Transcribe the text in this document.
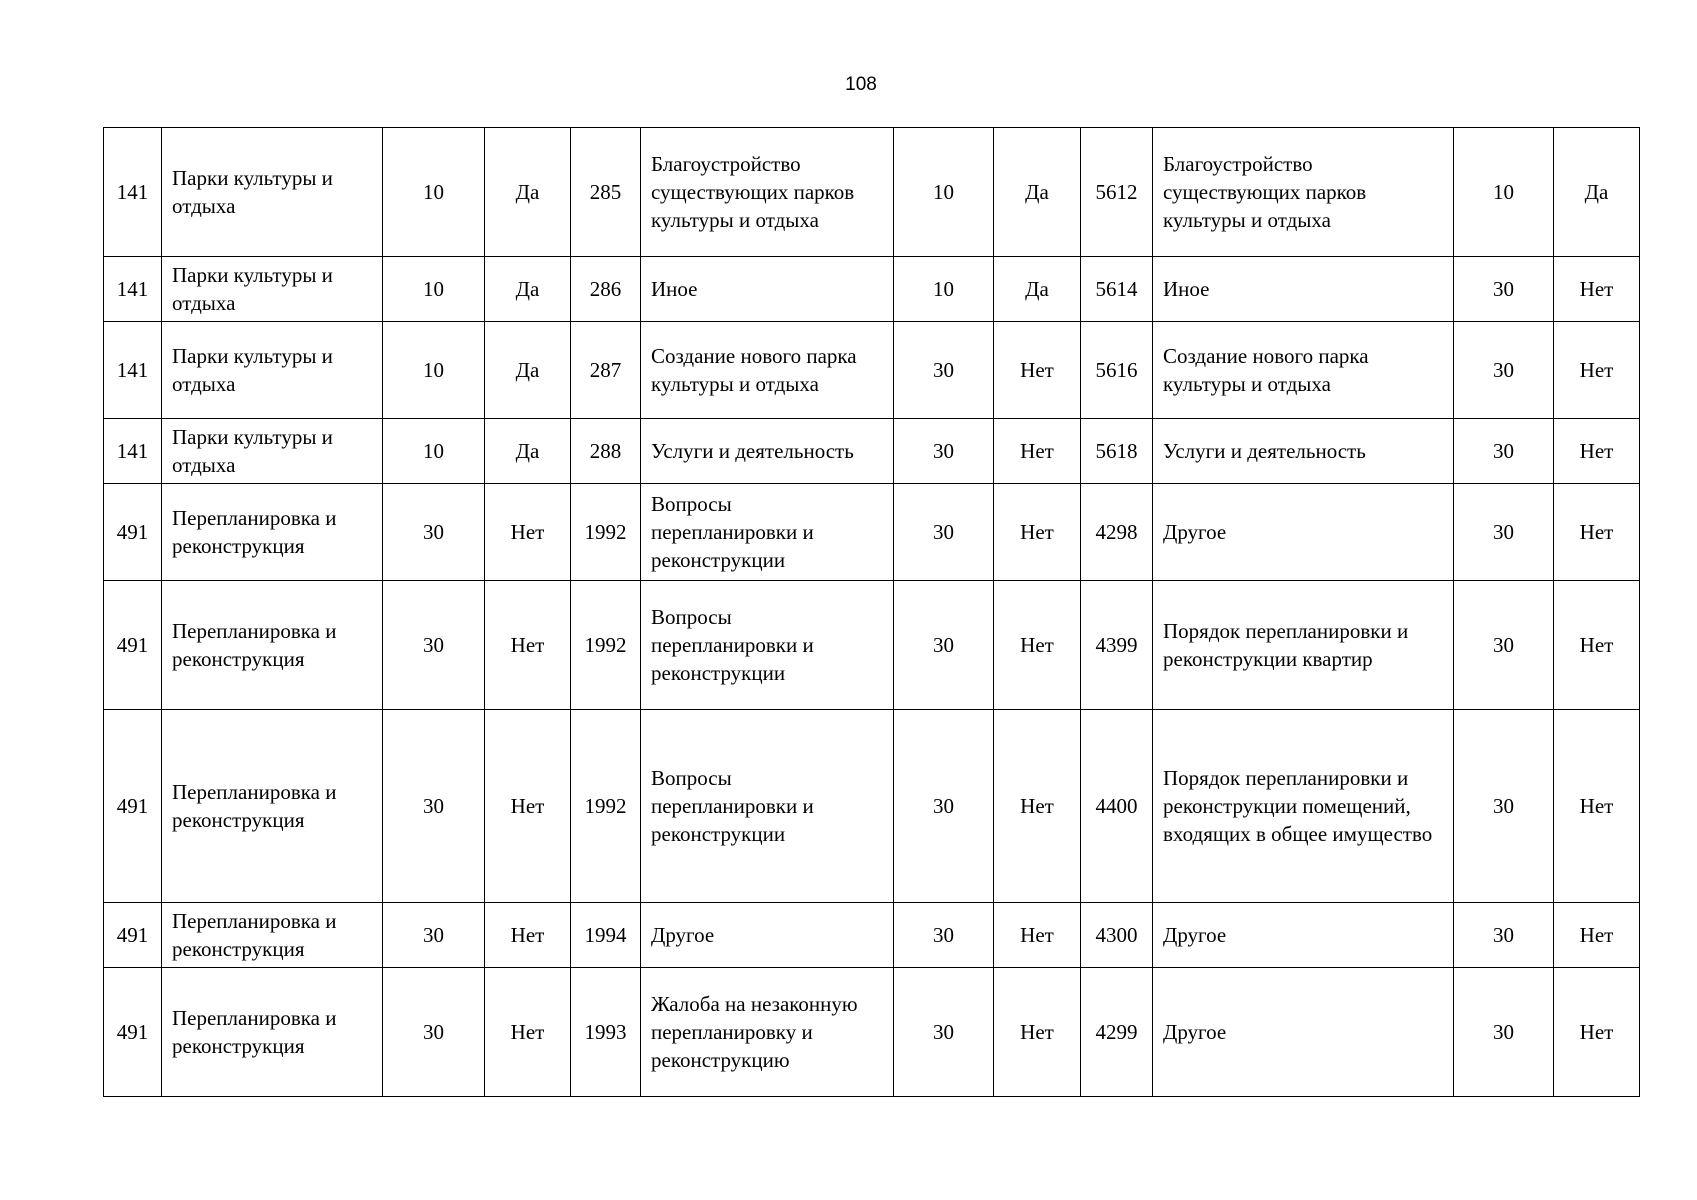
108
141	Парки культуры и отдыха	10	Да	285	Благоустройство существующих парков культуры и отдыха	10	Да	5612	Благоустройство существующих парков культуры и отдыха	10	Да
141	Парки культуры и отдыха	10	Да	286	Иное	10	Да	5614	Иное	30	Нет
141	Парки культуры и отдыха	10	Да	287	Создание нового парка культуры и отдыха	30	Нет	5616	Создание нового парка культуры и отдыха	30	Нет
141	Парки культуры и отдыха	10	Да	288	Услуги и деятельность	30	Нет	5618	Услуги и деятельность	30	Нет
491	Перепланировка и реконструкция	30	Нет	1992	Вопросы перепланировки и реконструкции	30	Нет	4298	Другое	30	Нет
491	Перепланировка и реконструкция	30	Нет	1992	Вопросы перепланировки и реконструкции	30	Нет	4399	Порядок перепланировки и реконструкции квартир	30	Нет
491	Перепланировка и реконструкция	30	Нет	1992	Вопросы перепланировки и реконструкции	30	Нет	4400	Порядок перепланировки и реконструкции помещений, входящих в общее имущество	30	Нет
491	Перепланировка и реконструкция	30	Нет	1994	Другое	30	Нет	4300	Другое	30	Нет
491	Перепланировка и реконструкция	30	Нет	1993	Жалоба на незаконную перепланировку и реконструкцию	30	Нет	4299	Другое	30	Нет
